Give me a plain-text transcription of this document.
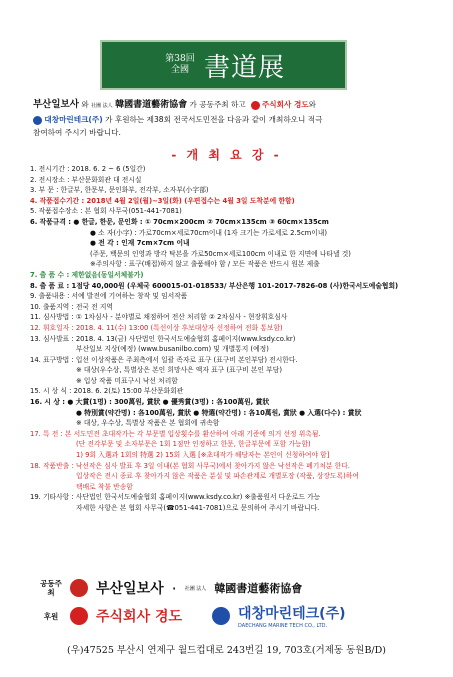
第38回
全國 書道展
부산일보사 와 社團 法人 韓國書道藝術協會 가 공동주최 하고 주식회사 경도와
대창마린테크(주) 가 후원하는 제38회 전국서도민전을 다음과 같이 개최하오니 적극
참여하여 주시기 바랍니다.
- 개 최 요 강 -
1. 전시기간 : 2018. 6. 2 ~ 6 (5일간)
2. 전시장소 : 부산문화회관 대 전시실
3. 부 문 : 한글부, 한문부, 문인화부, 전각부, 소자부(小字部)
4. 작품접수기간 : 2018년 4월 2일(월)~3일(화) (우편접수는 4월 3일 도착분에 한함)
5. 작품접수장소 : 본 협회 사무국(051-441-7081)
6. 작품규격 : ● 한글, 한문, 문인화 : ① 70cm×200cm ② 70cm×135cm ③ 60cm×135cm
● 소 자(小字) : 가로70cm×세로70cm이내 (1자 크기는 가로세로 2.5cm이내)
● 전 각 : 인재 7cm×7cm 이내
(주문, 백문의 인영과 방각 탁본을 가로50cm×세로100cm 이내로 한 지면에 나타낼 것)
※주의사항 : 표구(배접)하지 않고 출품해야 함 / 모든 작품은 반드시 원본 제출
7. 출 품 수 : 제한없음(동일서체불가)
8. 출 품 료 : 1점당 40,000원 (우체국 600015-01-018533/ 부산은행 101-2017-7826-08 (사)한국서도예술협회)
9. 출품내용 : 서예 발전에 기여하는 창작 및 임서작품
10. 출품지역 : 전국 전 지역
11. 심사방법 : ① 1차심사 - 분야별로 채점하여 전산 처리함 ② 2차심사 - 현장휘호심사
12. 휘호일자 : 2018. 4. 11(수) 13:00 (특선이상 후보대상자 선정하여 전화 통보함)
13. 심사발표 : 2018. 4. 13(금) 사단법인 한국서도예술협회 홈페이지(www.ksdy.co.kr)
부산일보 지상(예정) (www.busanilbo.com) 및 개별통지 (예정)
14. 표구방법 : 입선 이상작품은 주최측에서 일괄 족자로 표구 (표구비 본인부담) 전시한다.
※ 대상(우수상, 특별상은 본인 희망사은 액자 표구 (표구비 본인 부담)
※ 입상 작품 미표구시 낙선 처리함
15. 시 상 식 : 2018. 6. 2(토) 15:00 부산문화회관
16. 시 상 : ● 大賞(1명) : 300萬원, 賞狀 ● 優秀賞(3명) : 各100萬원, 賞狀
● 特別賞(약간명) : 各100萬원, 賞狀 ● 特選(약간명) : 各10萬원, 賞狀 ● 入選(다수) : 賞狀
※ 대상, 우수상, 특별상 작품은 본 협회에 귀속함
17. 특 전 : 본 서도민전 초대작가는 각 부문별 입상횟수를 환산하여 아래 기준에 의거 선정 위촉됨.
(단 전각부문 및 소자부문은 1회 1점만 인정하고 한문, 한글부문에 포함 가능함)
1) 9회 入選과 1회의 特選 2) 15회 入選 [※초대작가 해당자는 본인이 신청하여야 함]
18. 작품반출 : 낙선작은 심사 발표 후 3일 이내(본 협회 사무국)에서 찾아가지 않은 낙선작은 폐기처분 한다.
입상작은 전시 종료 후 찾아가지 않은 작품은 분실 및 파손관계로 개별포장 (작품, 상장도록)하여
택배로 착불 반송함
19. 기타사항 : 사단법인 한국서도예술협회 홈페이지(www.ksdy.co.kr) ※출품원서 다운로드 가능
자세한 사항은 본 협회 사무국(☎051-441-7081)으로 문의하여 주시기 바랍니다.
공동주최	부산일보사 · 社團 法人 韓國書道藝術協會
후원	주식회사 경도	대창마린테크(주)
DAECHANG MARINE TECH CO., LTD.
(우)47525 부산시 연제구 월드컵대로 243번길 19, 703호(거제동 동원B/D)
